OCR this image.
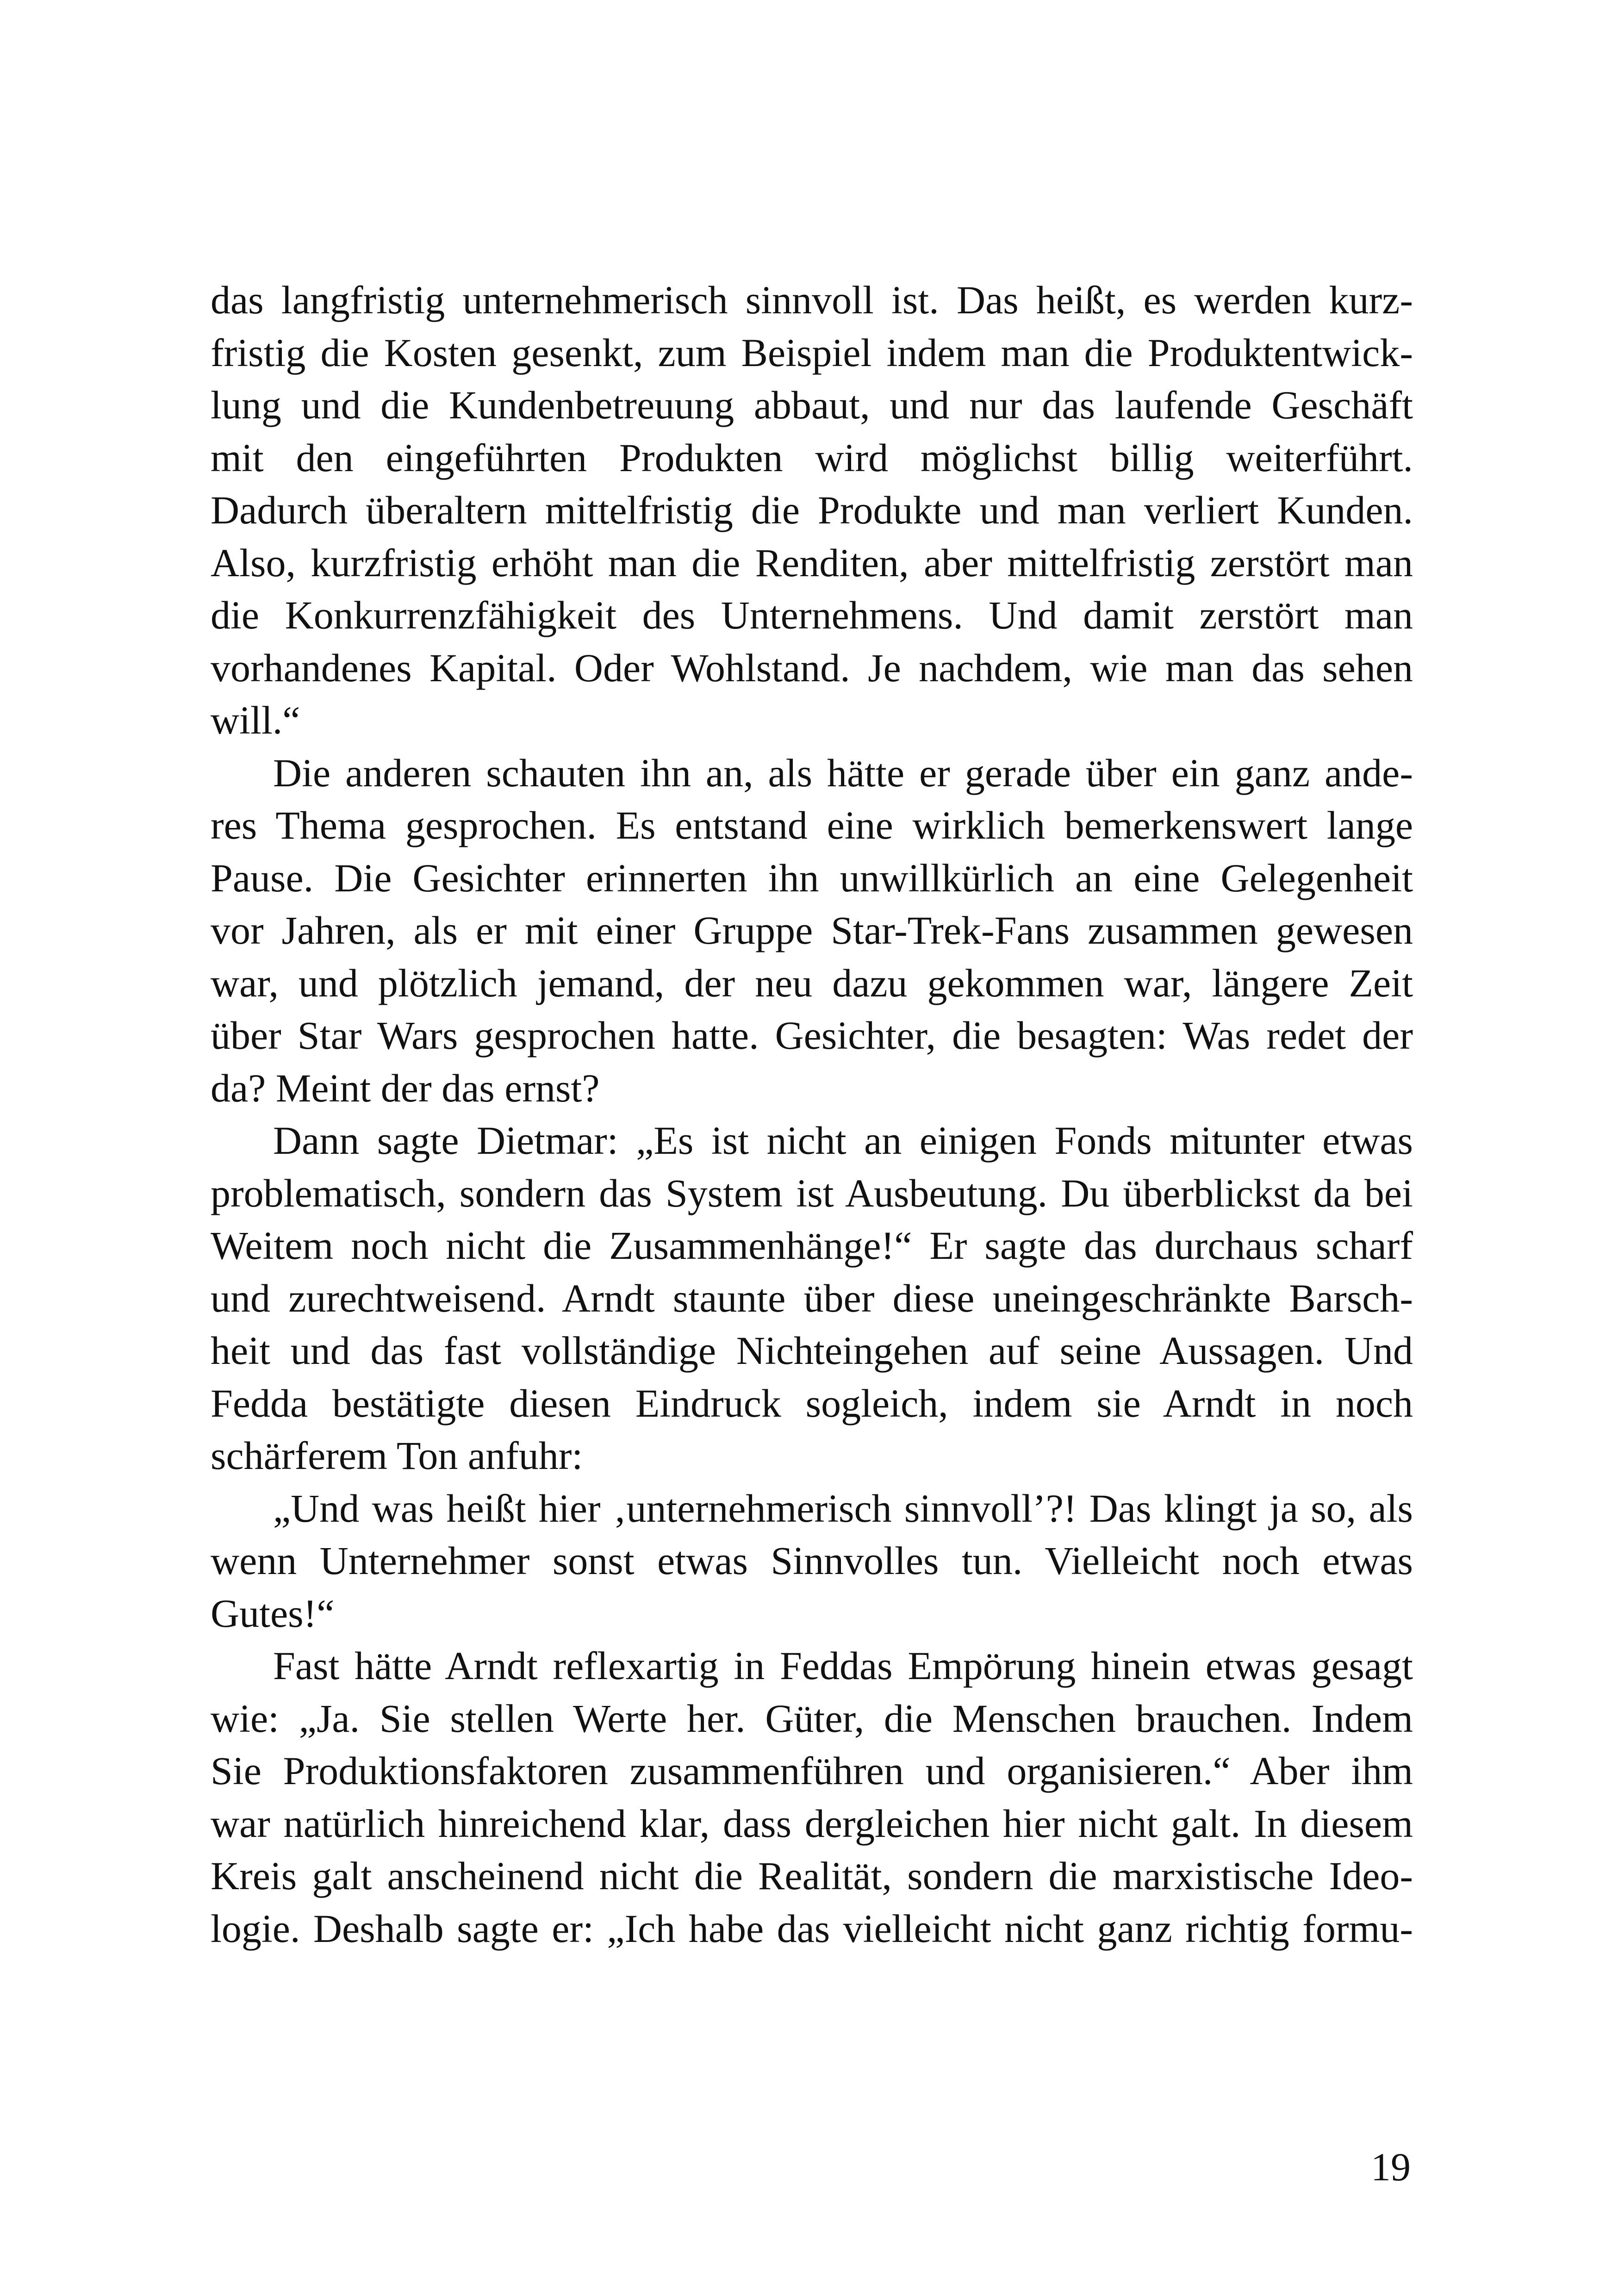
das langfristig unternehmerisch sinnvoll ist. Das heißt, es werden kurz-
fristig die Kosten gesenkt, zum Beispiel indem man die Produktentwick-
lung und die Kundenbetreuung abbaut, und nur das laufende Geschäft
mit den eingeführten Produkten wird möglichst billig weiterführt.
Dadurch überaltern mittelfristig die Produkte und man verliert Kunden.
Also, kurzfristig erhöht man die Renditen, aber mittelfristig zerstört man
die Konkurrenzfähigkeit des Unternehmens. Und damit zerstört man
vorhandenes Kapital. Oder Wohlstand. Je nachdem, wie man das sehen
will.“
Die anderen schauten ihn an, als hätte er gerade über ein ganz ande-
res Thema gesprochen. Es entstand eine wirklich bemerkenswert lange
Pause. Die Gesichter erinnerten ihn unwillkürlich an eine Gelegenheit
vor Jahren, als er mit einer Gruppe Star-Trek-Fans zusammen gewesen
war, und plötzlich jemand, der neu dazu gekommen war, längere Zeit
über Star Wars gesprochen hatte. Gesichter, die besagten: Was redet der
da? Meint der das ernst?
Dann sagte Dietmar: „Es ist nicht an einigen Fonds mitunter etwas
problematisch, sondern das System ist Ausbeutung. Du überblickst da bei
Weitem noch nicht die Zusammenhänge!“ Er sagte das durchaus scharf
und zurechtweisend. Arndt staunte über diese uneingeschränkte Barsch-
heit und das fast vollständige Nichteingehen auf seine Aussagen. Und
Fedda bestätigte diesen Eindruck sogleich, indem sie Arndt in noch
schärferem Ton anfuhr:
„Und was heißt hier ‚unternehmerisch sinnvoll’?! Das klingt ja so, als
wenn Unternehmer sonst etwas Sinnvolles tun. Vielleicht noch etwas
Gutes!“
Fast hätte Arndt reflexartig in Feddas Empörung hinein etwas gesagt
wie: „Ja. Sie stellen Werte her. Güter, die Menschen brauchen. Indem
Sie Produktionsfaktoren zusammenführen und organisieren.“ Aber ihm
war natürlich hinreichend klar, dass dergleichen hier nicht galt. In diesem
Kreis galt anscheinend nicht die Realität, sondern die marxistische Ideo-
logie. Deshalb sagte er: „Ich habe das vielleicht nicht ganz richtig formu-
19
